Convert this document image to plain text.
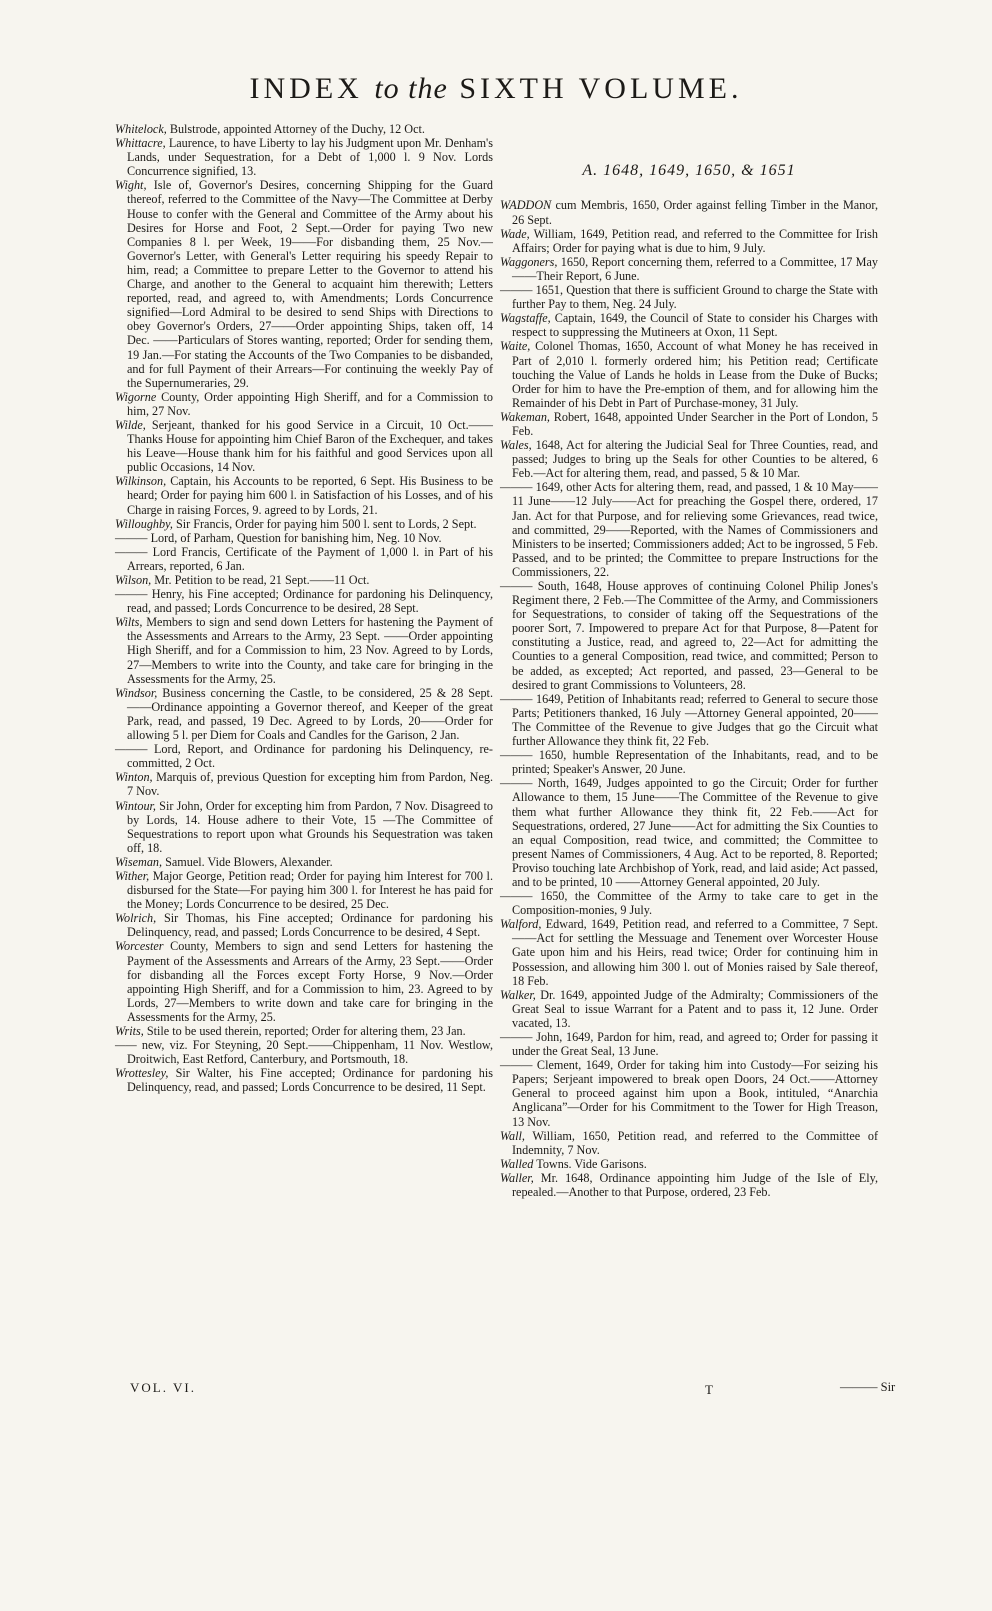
INDEX to the SIXTH VOLUME.

Whitelock, Bulstrode, appointed Attorney of the Duchy, 12 Oct.

Whittacre, Laurence, to have Liberty to lay his Judgment upon Mr. Denham's Lands, under Sequestration, for a Debt of 1,000 l. 9 Nov. Lords Concurrence signified, 13.

Wight, Isle of, Governor's Desires, concerning Shipping for the Guard thereof, referred to the Committee of the Navy—The Committee at Derby House to confer with the General and Committee of the Army about his Desires for Horse and Foot, 2 Sept.—Order for paying Two new Companies 8 l. per Week, 19——For disbanding them, 25 Nov.—Governor's Letter, with General's Letter requiring his speedy Repair to him, read; a Committee to prepare Letter to the Governor to attend his Charge, and another to the General to acquaint him therewith; Letters reported, read, and agreed to, with Amendments; Lords Concurrence signified—Lord Admiral to be desired to send Ships with Directions to obey Governor's Orders, 27——Order appointing Ships, taken off, 14 Dec. ——Particulars of Stores wanting, reported; Order for sending them, 19 Jan.—For stating the Accounts of the Two Companies to be disbanded, and for full Payment of their Arrears—For continuing the weekly Pay of the Supernumeraries, 29.

Wigorne County, Order appointing High Sheriff, and for a Commission to him, 27 Nov.

Wilde, Serjeant, thanked for his good Service in a Circuit, 10 Oct.——Thanks House for appointing him Chief Baron of the Exchequer, and takes his Leave—House thank him for his faithful and good Services upon all public Occasions, 14 Nov.

Wilkinson, Captain, his Accounts to be reported, 6 Sept. His Business to be heard; Order for paying him 600 l. in Satisfaction of his Losses, and of his Charge in raising Forces, 9. agreed to by Lords, 21.

Willoughby, Sir Francis, Order for paying him 500 l. sent to Lords, 2 Sept.

——— Lord, of Parham, Question for banishing him, Neg. 10 Nov.

——— Lord Francis, Certificate of the Payment of 1,000 l. in Part of his Arrears, reported, 6 Jan.

Wilson, Mr. Petition to be read, 21 Sept.——11 Oct.

——— Henry, his Fine accepted; Ordinance for pardoning his Delinquency, read, and passed; Lords Concurrence to be desired, 28 Sept.

Wilts, Members to sign and send down Letters for hastening the Payment of the Assessments and Arrears to the Army, 23 Sept. ——Order appointing High Sheriff, and for a Commission to him, 23 Nov. Agreed to by Lords, 27—Members to write into the County, and take care for bringing in the Assessments for the Army, 25.

Windsor, Business concerning the Castle, to be considered, 25 & 28 Sept.——Ordinance appointing a Governor thereof, and Keeper of the great Park, read, and passed, 19 Dec. Agreed to by Lords, 20——Order for allowing 5 l. per Diem for Coals and Candles for the Garison, 2 Jan.

——— Lord, Report, and Ordinance for pardoning his Delinquency, re-committed, 2 Oct.

Winton, Marquis of, previous Question for excepting him from Pardon, Neg. 7 Nov.

Wintour, Sir John, Order for excepting him from Pardon, 7 Nov. Disagreed to by Lords, 14. House adhere to their Vote, 15 —The Committee of Sequestrations to report upon what Grounds his Sequestration was taken off, 18.

Wiseman, Samuel. Vide Blowers, Alexander.

Wither, Major George, Petition read; Order for paying him Interest for 700 l. disbursed for the State—For paying him 300 l. for Interest he has paid for the Money; Lords Concurrence to be desired, 25 Dec.

Wolrich, Sir Thomas, his Fine accepted; Ordinance for pardoning his Delinquency, read, and passed; Lords Concurrence to be desired, 4 Sept.

Worcester County, Members to sign and send Letters for hastening the Payment of the Assessments and Arrears of the Army, 23 Sept.——Order for disbanding all the Forces except Forty Horse, 9 Nov.—Order appointing High Sheriff, and for a Commission to him, 23. Agreed to by Lords, 27—Members to write down and take care for bringing in the Assessments for the Army, 25.

Writs, Stile to be used therein, reported; Order for altering them, 23 Jan.

—— new, viz. For Steyning, 20 Sept.——Chippenham, 11 Nov. Westlow, Droitwich, East Retford, Canterbury, and Portsmouth, 18.

Wrottesley, Sir Walter, his Fine accepted; Ordinance for pardoning his Delinquency, read, and passed; Lords Concurrence to be desired, 11 Sept.

A. 1648, 1649, 1650, & 1651

WADDON cum Membris, 1650, Order against felling Timber in the Manor, 26 Sept.

Wade, William, 1649, Petition read, and referred to the Committee for Irish Affairs; Order for paying what is due to him, 9 July.

Waggoners, 1650, Report concerning them, referred to a Committee, 17 May——Their Report, 6 June.

——— 1651, Question that there is sufficient Ground to charge the State with further Pay to them, Neg. 24 July.

Wagstaffe, Captain, 1649, the Council of State to consider his Charges with respect to suppressing the Mutineers at Oxon, 11 Sept.

Waite, Colonel Thomas, 1650, Account of what Money he has received in Part of 2,010 l. formerly ordered him; his Petition read; Certificate touching the Value of Lands he holds in Lease from the Duke of Bucks; Order for him to have the Pre-emption of them, and for allowing him the Remainder of his Debt in Part of Purchase-money, 31 July.

Wakeman, Robert, 1648, appointed Under Searcher in the Port of London, 5 Feb.

Wales, 1648, Act for altering the Judicial Seal for Three Counties, read, and passed; Judges to bring up the Seals for other Counties to be altered, 6 Feb.—Act for altering them, read, and passed, 5 & 10 Mar.

——— 1649, other Acts for altering them, read, and passed, 1 & 10 May——11 June——12 July——Act for preaching the Gospel there, ordered, 17 Jan. Act for that Purpose, and for relieving some Grievances, read twice, and committed, 29——Reported, with the Names of Commissioners and Ministers to be inserted; Commissioners added; Act to be ingrossed, 5 Feb. Passed, and to be printed; the Committee to prepare Instructions for the Commissioners, 22.

——— South, 1648, House approves of continuing Colonel Philip Jones's Regiment there, 2 Feb.—The Committee of the Army, and Commissioners for Sequestrations, to consider of taking off the Sequestrations of the poorer Sort, 7. Impowered to prepare Act for that Purpose, 8—Patent for constituting a Justice, read, and agreed to, 22—Act for admitting the Counties to a general Composition, read twice, and committed; Person to be added, as excepted; Act reported, and passed, 23—General to be desired to grant Commissions to Volunteers, 28.

——— 1649, Petition of Inhabitants read; referred to General to secure those Parts; Petitioners thanked, 16 July —Attorney General appointed, 20——The Committee of the Revenue to give Judges that go the Circuit what further Allowance they think fit, 22 Feb.

——— 1650, humble Representation of the Inhabitants, read, and to be printed; Speaker's Answer, 20 June.

——— North, 1649, Judges appointed to go the Circuit; Order for further Allowance to them, 15 June——The Committee of the Revenue to give them what further Allowance they think fit, 22 Feb.——Act for Sequestrations, ordered, 27 June——Act for admitting the Six Counties to an equal Composition, read twice, and committed; the Committee to present Names of Commissioners, 4 Aug. Act to be reported, 8. Reported; Proviso touching late Archbishop of York, read, and laid aside; Act passed, and to be printed, 10 ——Attorney General appointed, 20 July.

——— 1650, the Committee of the Army to take care to get in the Composition-monies, 9 July.

Walford, Edward, 1649, Petition read, and referred to a Committee, 7 Sept.——Act for settling the Messuage and Tenement over Worcester House Gate upon him and his Heirs, read twice; Order for continuing him in Possession, and allowing him 300 l. out of Monies raised by Sale thereof, 18 Feb.

Walker, Dr. 1649, appointed Judge of the Admiralty; Commissioners of the Great Seal to issue Warrant for a Patent and to pass it, 12 June. Order vacated, 13.

——— John, 1649, Pardon for him, read, and agreed to; Order for passing it under the Great Seal, 13 June.

——— Clement, 1649, Order for taking him into Custody—For seizing his Papers; Serjeant impowered to break open Doors, 24 Oct.——Attorney General to proceed against him upon a Book, intituled, “Anarchia Anglicana”—Order for his Commitment to the Tower for High Treason, 13 Nov.

Wall, William, 1650, Petition read, and referred to the Committee of Indemnity, 7 Nov.

Walled Towns. Vide Garisons.

Waller, Mr. 1648, Ordinance appointing him Judge of the Isle of Ely, repealed.—Another to that Purpose, ordered, 23 Feb.

VOL. VI.	T	——— Sir
